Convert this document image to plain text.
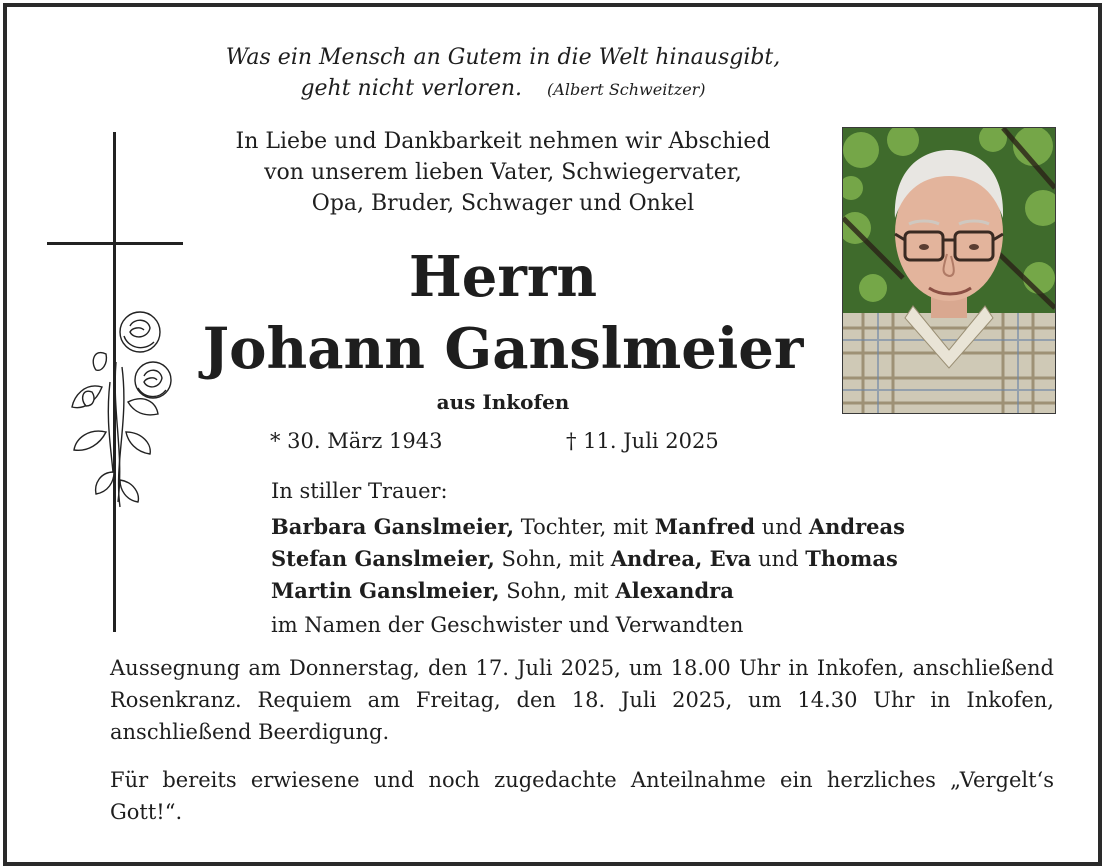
Was ein Mensch an Gutem in die Welt hinausgibt,
geht nicht verloren. (Albert Schweitzer)
In Liebe und Dankbarkeit nehmen wir Abschied
von unserem lieben Vater, Schwiegervater,
Opa, Bruder, Schwager und Onkel
Herrn
Johann Ganslmeier
aus Inkofen
* 30. März 1943	† 11. Juli 2025
In stiller Trauer:
Barbara Ganslmeier, Tochter, mit Manfred und Andreas
Stefan Ganslmeier, Sohn, mit Andrea, Eva und Thomas
Martin Ganslmeier, Sohn, mit Alexandra
im Namen der Geschwister und Verwandten
Aussegnung am Donnerstag, den 17. Juli 2025, um 18.00 Uhr in Inkofen, anschließend Rosenkranz. Requiem am Freitag, den 18. Juli 2025, um 14.30 Uhr in Inkofen, anschließend Beerdigung.
Für bereits erwiesene und noch zugedachte Anteilnahme ein herzliches „Vergelt‘s Gott!“.
